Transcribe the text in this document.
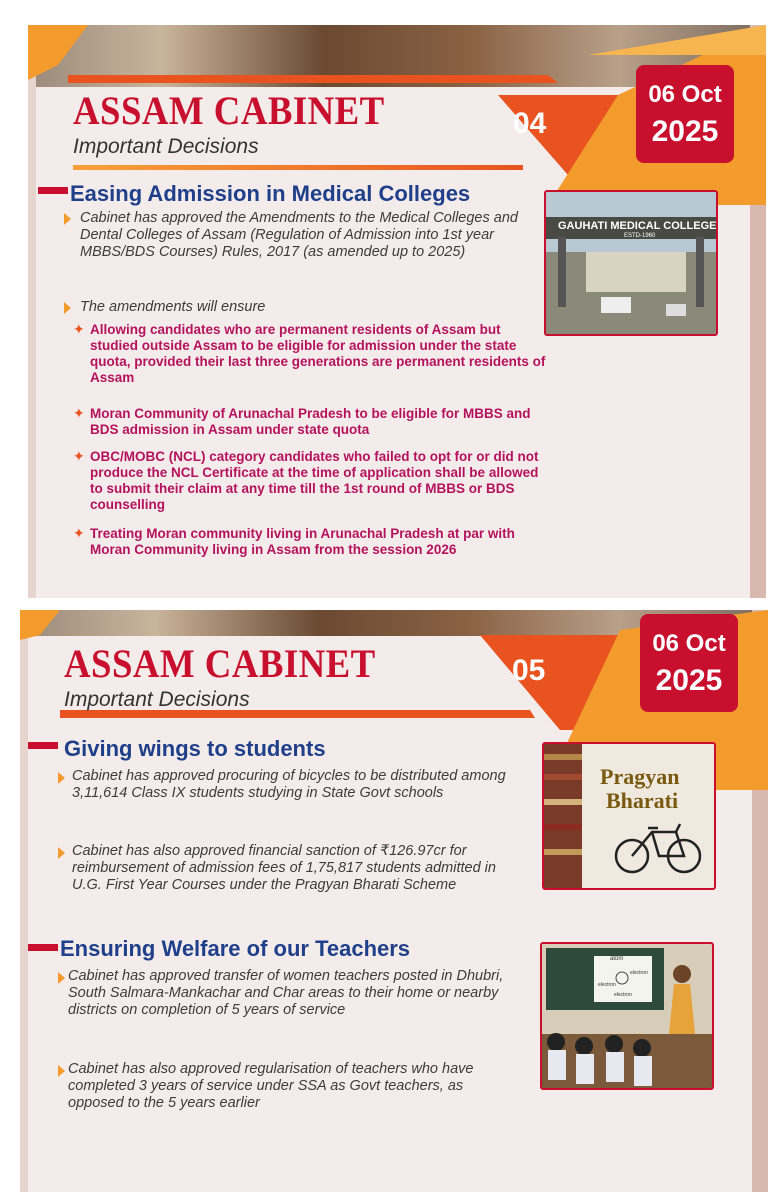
ASSAM CABINET
Important Decisions
04
06 Oct
2025
Easing Admission in Medical Colleges
GAUHATI MEDICAL COLLEGE
ESTD-1960
Cabinet has approved the Amendments to the Medical Colleges and Dental Colleges of Assam (Regulation of Admission into 1st year MBBS/BDS Courses) Rules, 2017 (as amended up to 2025)
The amendments will ensure
✦ Allowing candidates who are permanent residents of Assam but studied outside Assam to be eligible for admission under the state quota, provided their last three generations are permanent residents of Assam
✦ Moran Community of Arunachal Pradesh to be eligible for MBBS and BDS admission in Assam under state quota
✦ OBC/MOBC (NCL) category candidates who failed to opt for or did not produce the NCL Certificate at the time of application shall be allowed to submit their claim at any time till the 1st round of MBBS or BDS counselling
✦ Treating Moran community living in Arunachal Pradesh at par with Moran Community living in Assam from the session 2026
ASSAM CABINET
Important Decisions
05
06 Oct
2025
Giving wings to students
Pragyan
Bharati
Cabinet has approved procuring of bicycles to be distributed among 3,11,614 Class IX students studying in State Govt schools
Cabinet has also approved financial sanction of ₹126.97cr for reimbursement of admission fees of 1,75,817 students admitted in U.G. First Year Courses under the Pragyan Bharati Scheme
Ensuring Welfare of our Teachers	atom
electron
electron
electron
Cabinet has approved transfer of women teachers posted in Dhubri, South Salmara-Mankachar and Char areas to their home or nearby districts on completion of 5 years of service
Cabinet has also approved regularisation of teachers who have completed 3 years of service under SSA as Govt teachers, as opposed to the 5 years earlier
